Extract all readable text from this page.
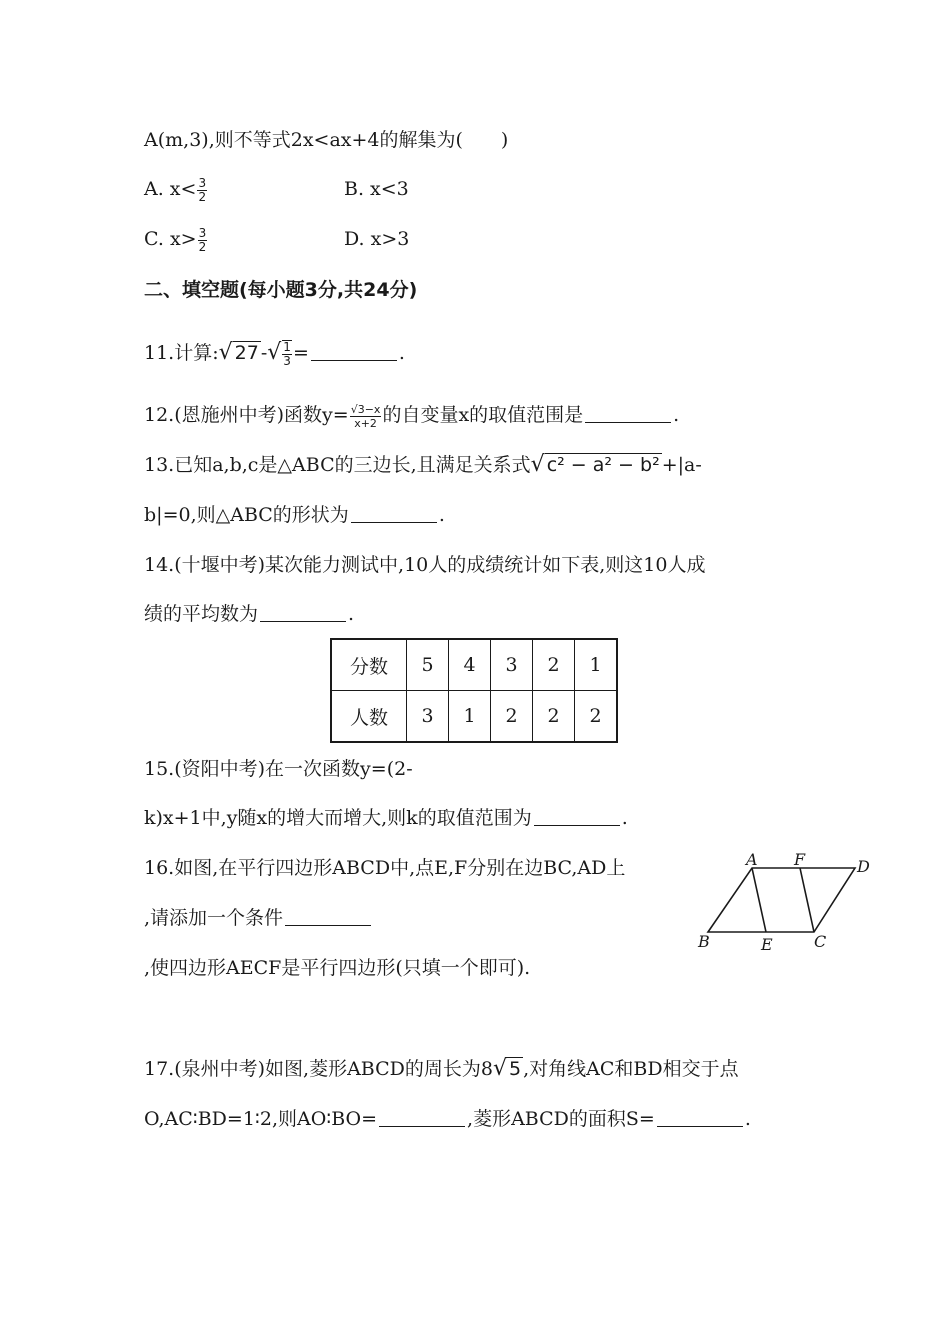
A(m,3),则不等式2x<ax+4的解集为(　　)
A. $x< \frac{3}{2}$	B. x<3
C. $x> \frac{3}{2}$	D. x>3
二、填空题(每小题3分,共24分)
11.计算:√ 27 -√ $\frac{1}{3}$ =	.
12.(恩施州中考)函数$y= \frac{√3-x}{x+2}$ 的自变量x的取值范围是	.
13.已知a,b,c是△ABC的三边长,且满足关系式√ c² − a² − b² +|a-
b|=0,则△ABC的形状为	.
14.(十堰中考)某次能力测试中,10人的成绩统计如下表,则这10人成
绩的平均数为	.
分数	5	4	3	2	1
人数	3	1	2	2	2
15.(资阳中考)在一次函数y=(2-
k)x+1中,y随x的增大而增大,则k的取值范围为	.
16.如图,在平行四边形ABCD中,点E,F分别在边BC,AD上
,请添加一个条件
,使四边形AECF是平行四边形(只填一个即可).
A F	D
B	E	C
17.(泉州中考)如图,菱形ABCD的周长为8√ 5 ,对角线AC和BD相交于点
O,AC∶BD=1∶2,则AO∶BO=	,菱形ABCD的面积S=	.
